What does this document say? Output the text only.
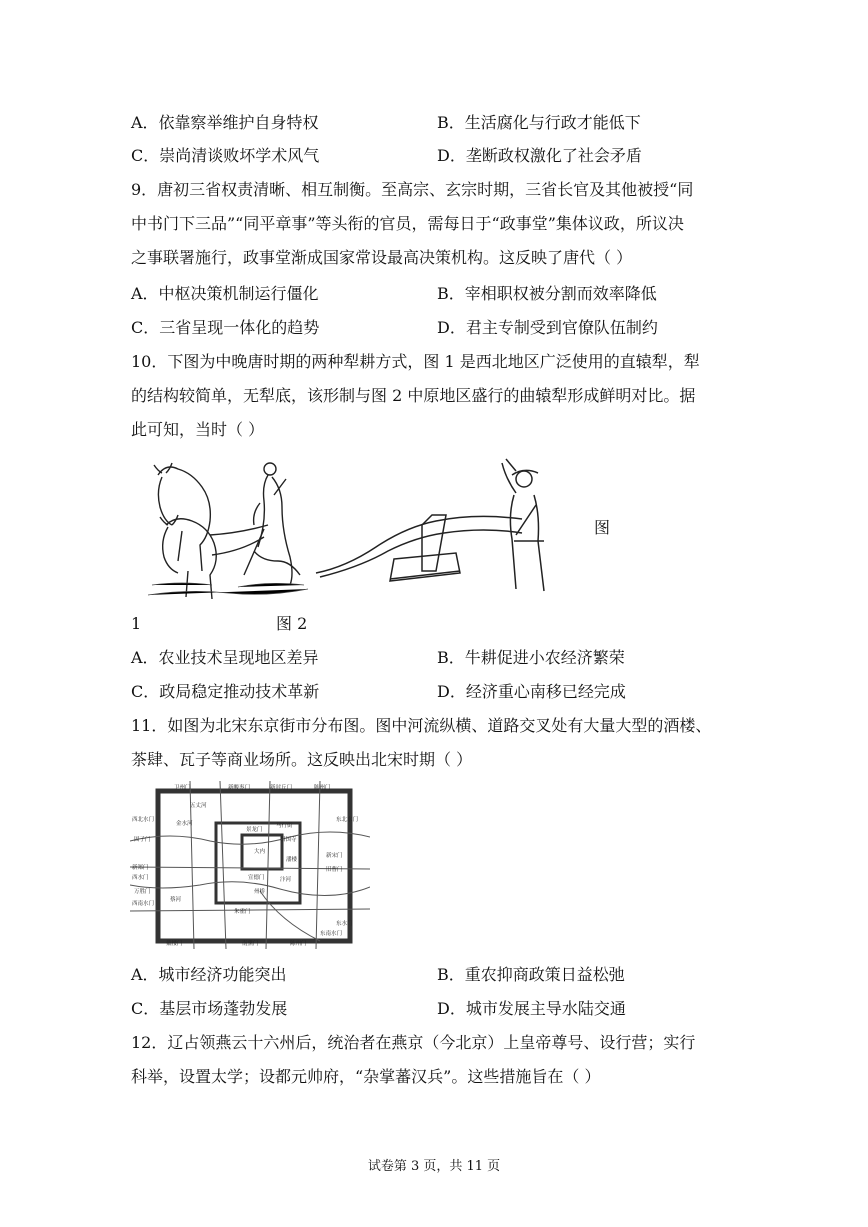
A．依靠察举维护自身特权	B．生活腐化与行政才能低下
C．崇尚清谈败坏学术风气	D．垄断政权激化了社会矛盾
9．唐初三省权责清晰、相互制衡。至高宗、玄宗时期，三省长官及其他被授“同
中书门下三品”“同平章事”等头衔的官员，需每日于“政事堂”集体议政，所议决
之事联署施行，政事堂渐成国家常设最高决策机构。这反映了唐代（ ）
A．中枢决策机制运行僵化	B．宰相职权被分割而效率降低
C．三省呈现一体化的趋势	D．君主专制受到官僚队伍制约
10．下图为中晚唐时期的两种犁耕方式，图 1 是西北地区广泛使用的直辕犁，犁
的结构较简单，无犁底，该形制与图 2 中原地区盛行的曲辕犁形成鲜明对比。据
此可知，当时（ ）
图
1	图 2
A．农业技术呈现地区差异	B．牛耕促进小农经济繁荣
C．政局稳定推动技术革新	D．经济重心南移已经完成
11．如图为北宋东京街市分布图。图中河流纵横、道路交叉处有大量大型的酒楼、
茶肆、瓦子等商业场所。这反映出北宋时期（ ）
卫州门	新酸枣门	新封丘门	陈州门
东北水门
西北水门
固子门
西水门
新郑门
万胜门
西南水门
戴楼门	南熏门
东水门
东南水门
陈州门
宣德门
州桥
五丈河
金水河
汴河
蔡河
大内
景龙门
朱雀门
新宋门
旧曹门
相国寺
潘楼
马行街
A．城市经济功能突出	B．重农抑商政策日益松弛
C．基层市场蓬勃发展	D．城市发展主导水陆交通
12．辽占领燕云十六州后，统治者在燕京（今北京）上皇帝尊号、设行营；实行
科举，设置太学；设都元帅府，“杂掌蕃汉兵”。这些措施旨在（ ）
试卷第 3 页，共 11 页
